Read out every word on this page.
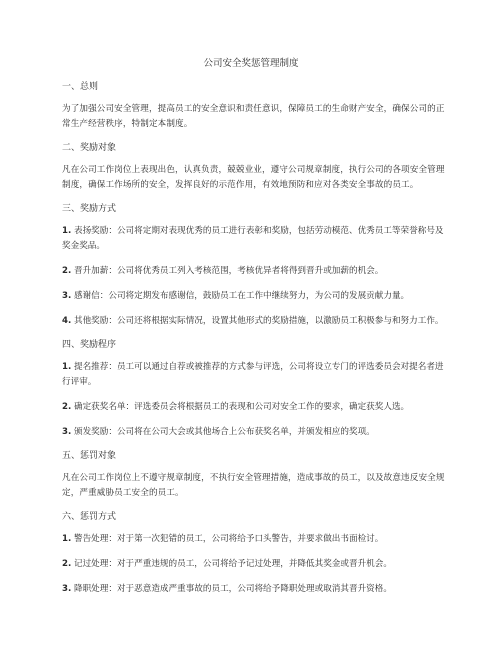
公司安全奖惩管理制度
一、总则
为了加强公司安全管理，提高员工的安全意识和责任意识，保障员工的生命财产安全，确保公司的正常生产经营秩序，特制定本制度。
二、奖励对象
凡在公司工作岗位上表现出色，认真负责，兢兢业业，遵守公司规章制度，执行公司的各项安全管理制度，确保工作场所的安全，发挥良好的示范作用，有效地预防和应对各类安全事故的员工。
三、奖励方式
1. 表扬奖励：公司将定期对表现优秀的员工进行表彰和奖励，包括劳动模范、优秀员工等荣誉称号及奖金奖品。
2. 晋升加薪：公司将优秀员工列入考核范围，考核优异者将得到晋升或加薪的机会。
3. 感谢信：公司将定期发布感谢信，鼓励员工在工作中继续努力，为公司的发展贡献力量。
4. 其他奖励：公司还将根据实际情况，设置其他形式的奖励措施，以激励员工积极参与和努力工作。
四、奖励程序
1. 提名推荐：员工可以通过自荐或被推荐的方式参与评选，公司将设立专门的评选委员会对提名者进行评审。
2. 确定获奖名单：评选委员会将根据员工的表现和公司对安全工作的要求，确定获奖人选。
3. 颁发奖励：公司将在公司大会或其他场合上公布获奖名单，并颁发相应的奖项。
五、惩罚对象
凡在公司工作岗位上不遵守规章制度，不执行安全管理措施，造成事故的员工，以及故意违反安全规定，严重威胁员工安全的员工。
六、惩罚方式
1. 警告处理：对于第一次犯错的员工，公司将给予口头警告，并要求做出书面检讨。
2. 记过处理：对于严重违规的员工，公司将给予记过处理，并降低其奖金或晋升机会。
3. 降职处理：对于恶意造成严重事故的员工，公司将给予降职处理或取消其晋升资格。
